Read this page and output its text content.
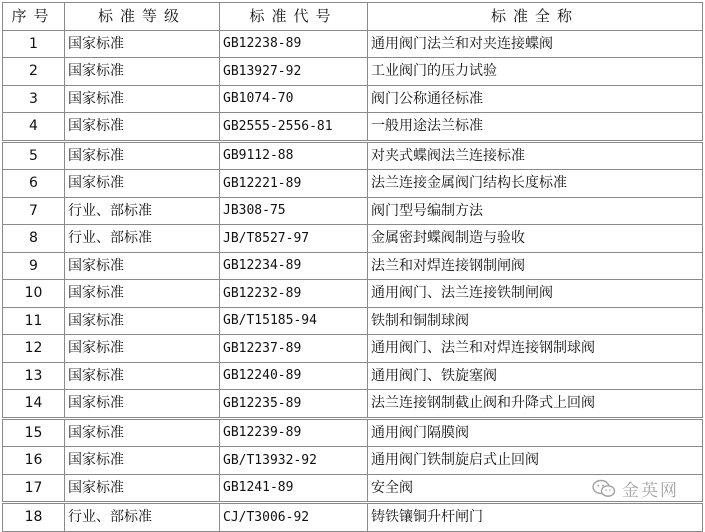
序号	标准等级	标准代号	标准全称
1	国家标准	GB12238-89	通用阀门法兰和对夹连接蝶阀
2	国家标准	GB13927-92	工业阀门的压力试验
3	国家标准	GB1074-70	阀门公称通径标准
4	国家标准	GB2555-2556-81	一般用途法兰标准
5	国家标准	GB9112-88	对夹式蝶阀法兰连接标准
6	国家标准	GB12221-89	法兰连接金属阀门结构长度标准
7	行业、部标准	JB308-75	阀门型号编制方法
8	行业、部标准	JB/T8527-97	金属密封蝶阀制造与验收
9	国家标准	GB12234-89	法兰和对焊连接钢制闸阀
10	国家标准	GB12232-89	通用阀门、法兰连接铁制闸阀
11	国家标准	GB/T15185-94	铁制和铜制球阀
12	国家标准	GB12237-89	通用阀门、法兰和对焊连接钢制球阀
13	国家标准	GB12240-89	通用阀门、铁旋塞阀
14	国家标准	GB12235-89	法兰连接钢制截止阀和升降式上回阀
15	国家标准	GB12239-89	通用阀门隔膜阀
16	国家标准	GB/T13932-92	通用阀门铁制旋启式止回阀
17	国家标准	GB1241-89	安全阀
18	行业、部标准	CJ/T3006-92	铸铁镶铜升杆闸门
金英网
